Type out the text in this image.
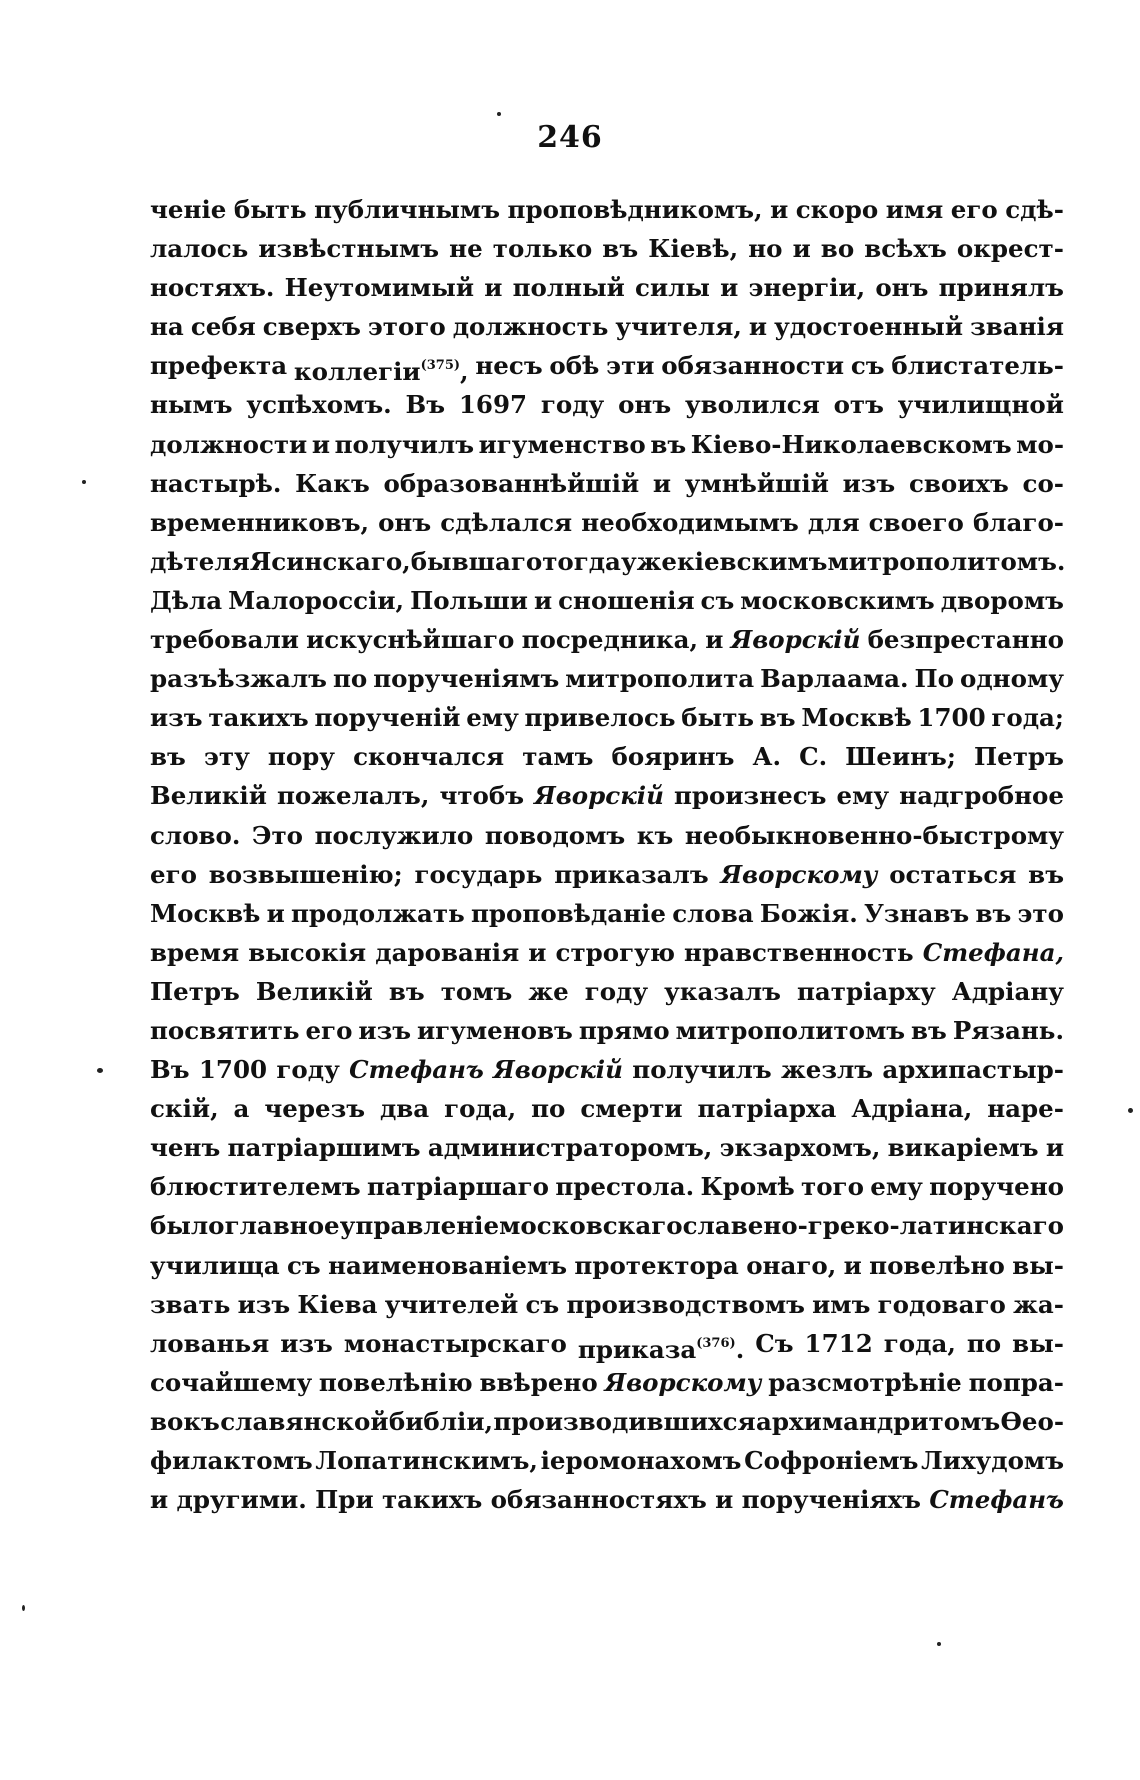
246
ченіе быть публичнымъ проповѣдникомъ, и скоро имя его сдѣ-
лалось извѣстнымъ не только въ Кіевѣ, но и во всѣхъ окрест-
ностяхъ. Неутомимый и полный силы и энергіи, онъ принялъ
на себя сверхъ этого должность учителя, и удостоенный званія
префекта коллегіи$^{(375)}$, несъ обѣ эти обязанности съ блистатель-
нымъ успѣхомъ. Въ 1697 году онъ уволился отъ училищной
должности и получилъ игуменство въ Кіево-Николаевскомъ мо-
настырѣ. Какъ образованнѣйшій и умнѣйшій изъ своихъ со-
временниковъ, онъ сдѣлался необходимымъ для своего благо-
дѣтеля Ясинскаго, бывшаго тогда уже кіевскимъ митрополитомъ.
Дѣла Малороссіи, Польши и сношенія съ московскимъ дворомъ
требовали искуснѣйшаго посредника, и Яворскій безпрестанно
разъѣзжалъ по порученіямъ митрополита Варлаама. По одному
изъ такихъ порученій ему привелось быть въ Москвѣ 1700 года;
въ эту пору скончался тамъ бояринъ А. С. Шеинъ; Петръ
Великій пожелалъ, чтобъ Яворскій произнесъ ему надгробное
слово. Это послужило поводомъ къ необыкновенно-быстрому
его возвышенію; государь приказалъ Яворскому остаться въ
Москвѣ и продолжать проповѣданіе слова Божія. Узнавъ въ это
время высокія дарованія и строгую нравственность Стефана,
Петръ Великій въ томъ же году указалъ патріарху Адріану
посвятить его изъ игуменовъ прямо митрополитомъ въ Рязань.
Въ 1700 году Стефанъ Яворскій получилъ жезлъ архипастыр-
скій, а черезъ два года, по смерти патріарха Адріана, наре-
ченъ патріаршимъ администраторомъ, экзархомъ, викаріемъ и
блюстителемъ патріаршаго престола. Кромѣ того ему поручено
было главное управленіе московскаго славено-греко-латинскаго
училища съ наименованіемъ протектора онаго, и повелѣно вы-
звать изъ Кіева учителей съ производствомъ имъ годоваго жа-
лованья изъ монастырскаго приказа$^{(376)}$. Съ 1712 года, по вы-
сочайшему повелѣнію ввѣрено Яворскому разсмотрѣніе попра-
вокъ славянской библіи, производившихся архимандритомъ Ѳео-
филактомъ Лопатинскимъ, іеромонахомъ Софроніемъ Лихудомъ
и другими. При такихъ обязанностяхъ и порученіяхъ Стефанъ
